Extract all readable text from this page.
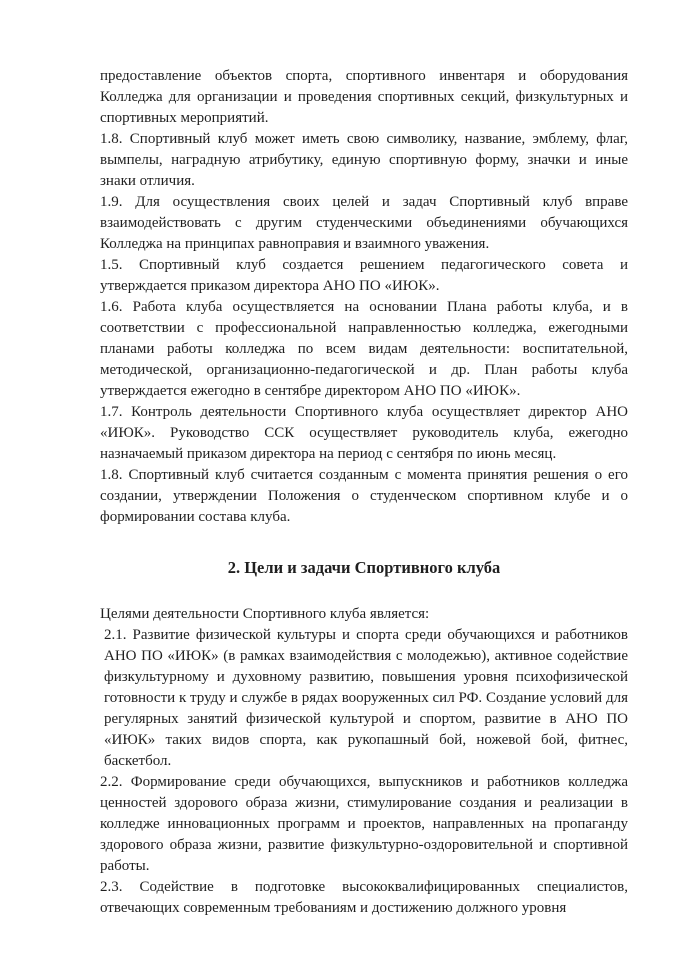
предоставление объектов спорта, спортивного инвентаря и оборудования Колледжа для организации и проведения спортивных секций, физкультурных и спортивных мероприятий.

1.8. Спортивный клуб может иметь свою символику, название, эмблему, флаг, вымпелы, наградную атрибутику, единую спортивную форму, значки и иные знаки отличия.

1.9. Для осуществления своих целей и задач Спортивный клуб вправе взаимодействовать с другим студенческими объединениями обучающихся Колледжа на принципах равноправия и взаимного уважения.

1.5. Спортивный клуб создается решением педагогического совета и утверждается приказом директора АНО ПО «ИЮК».

1.6. Работа клуба осуществляется на основании Плана работы клуба, и в соответствии с профессиональной направленностью колледжа, ежегодными планами работы колледжа по всем видам деятельности: воспитательной, методической, организационно-педагогической и др. План работы клуба утверждается ежегодно в сентябре директором АНО ПО «ИЮК».

1.7. Контроль деятельности Спортивного клуба осуществляет директор АНО «ИЮК». Руководство ССК осуществляет руководитель клуба, ежегодно назначаемый приказом директора на период с сентября по июнь месяц.

1.8. Спортивный клуб считается созданным с момента принятия решения о его создании, утверждении Положения о студенческом спортивном клубе и о формировании состава клуба.

2. Цели и задачи Спортивного клуба

Целями деятельности Спортивного клуба является:

2.1. Развитие физической культуры и спорта среди обучающихся и работников АНО ПО «ИЮК» (в рамках взаимодействия с молодежью), активное содействие физкультурному и духовному развитию, повышения уровня психофизической готовности к труду и службе в рядах вооруженных сил РФ. Создание условий для регулярных занятий физической культурой и спортом, развитие в АНО ПО «ИЮК» таких видов спорта, как рукопашный бой, ножевой бой, фитнес, баскетбол.

2.2. Формирование среди обучающихся, выпускников и работников колледжа ценностей здорового образа жизни, стимулирование создания и реализации в колледже инновационных программ и проектов, направленных на пропаганду здорового образа жизни, развитие физкультурно-оздоровительной и спортивной работы.

2.3. Содействие в подготовке высококвалифицированных специалистов, отвечающих современным требованиям и достижению должного уровня
